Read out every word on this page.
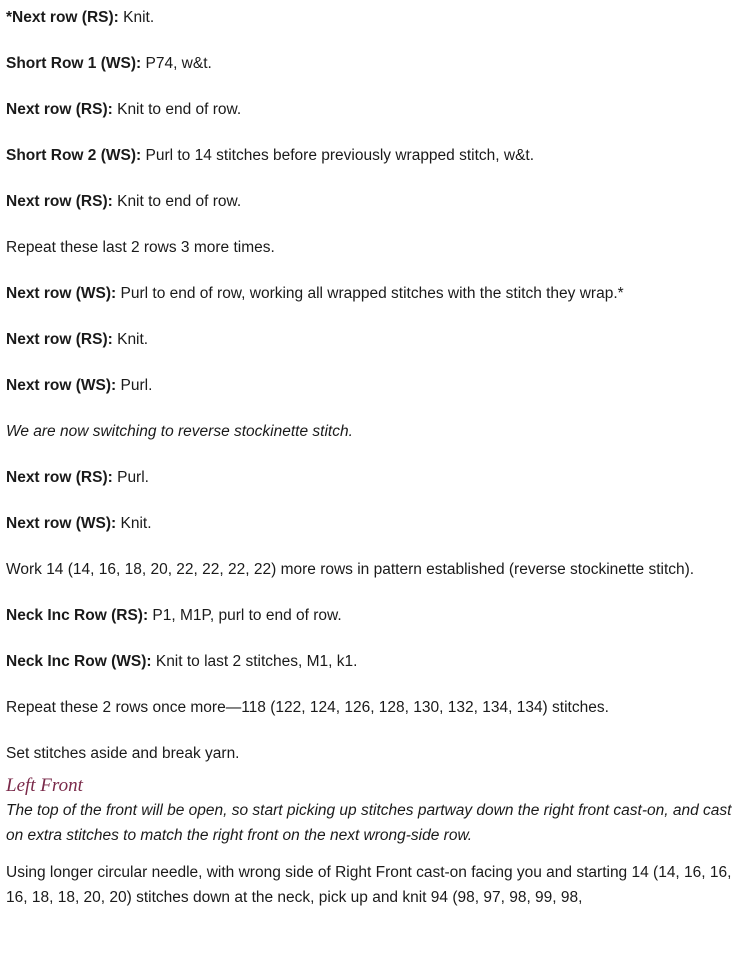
*Next row (RS): Knit.
Short Row 1 (WS): P74, w&t.
Next row (RS): Knit to end of row.
Short Row 2 (WS): Purl to 14 stitches before previously wrapped stitch, w&t.
Next row (RS): Knit to end of row.
Repeat these last 2 rows 3 more times.
Next row (WS): Purl to end of row, working all wrapped stitches with the stitch they wrap.*
Next row (RS): Knit.
Next row (WS): Purl.
We are now switching to reverse stockinette stitch.
Next row (RS): Purl.
Next row (WS): Knit.
Work 14 (14, 16, 18, 20, 22, 22, 22, 22) more rows in pattern established (reverse stockinette stitch).
Neck Inc Row (RS): P1, M1P, purl to end of row.
Neck Inc Row (WS): Knit to last 2 stitches, M1, k1.
Repeat these 2 rows once more—118 (122, 124, 126, 128, 130, 132, 134, 134) stitches.
Set stitches aside and break yarn.
Left Front
The top of the front will be open, so start picking up stitches partway down the right front cast-on, and cast on extra stitches to match the right front on the next wrong-side row.
Using longer circular needle, with wrong side of Right Front cast-on facing you and starting 14 (14, 16, 16, 16, 18, 18, 20, 20) stitches down at the neck, pick up and knit 94 (98, 97, 98, 99, 98,
